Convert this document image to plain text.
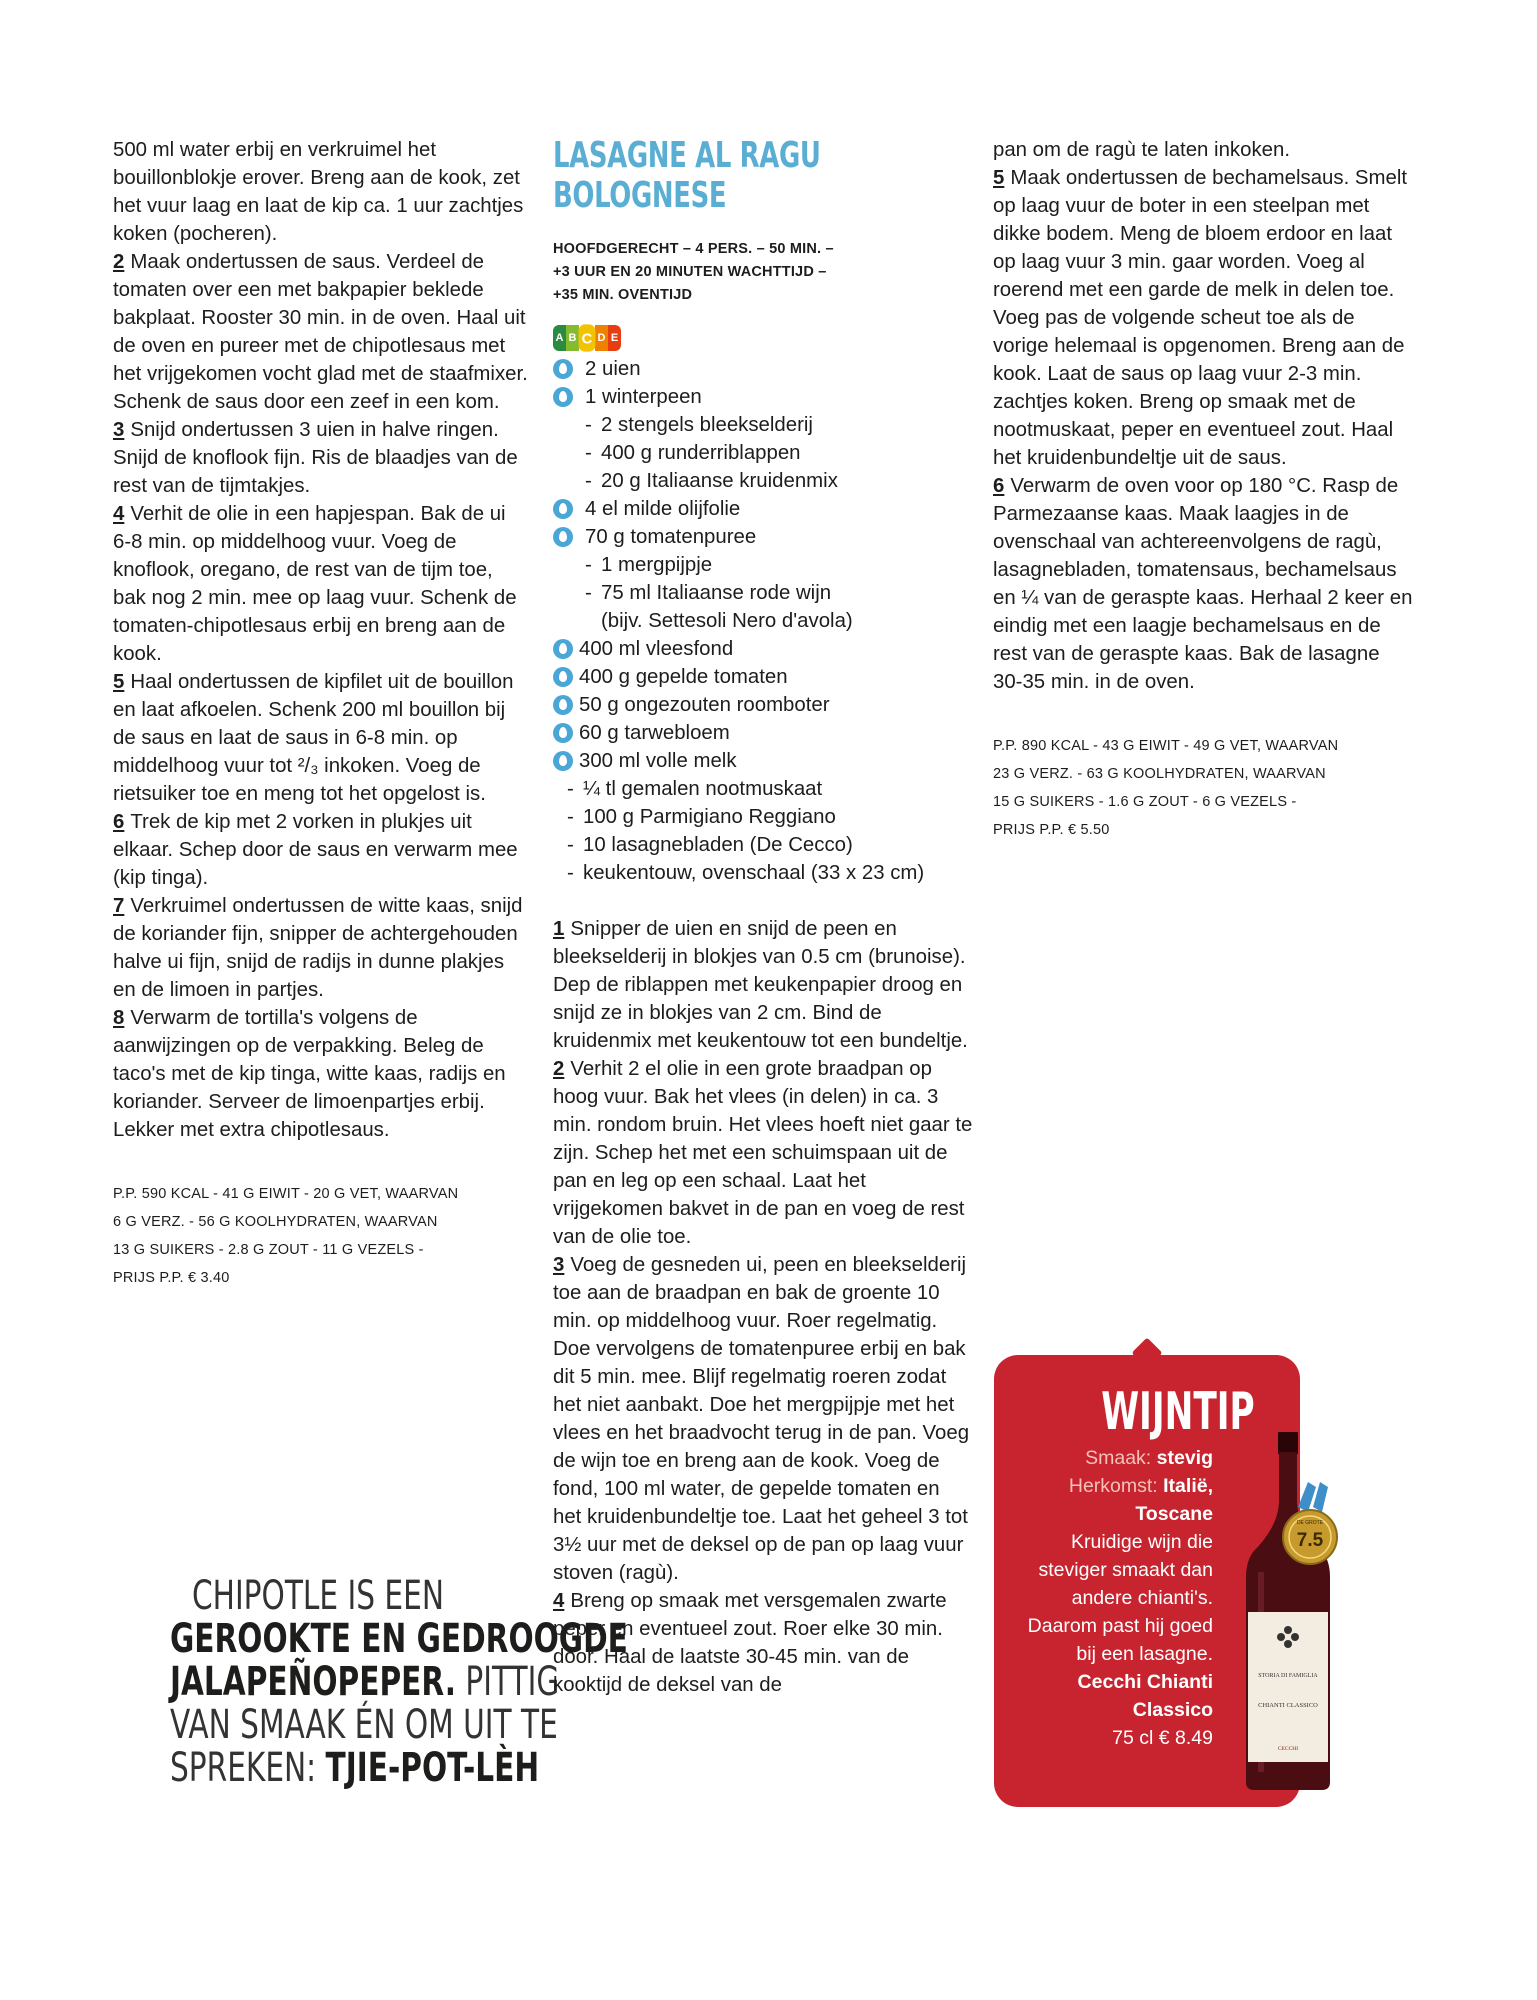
500 ml water erbij en verkruimel het bouillonblokje erover. Breng aan de kook, zet het vuur laag en laat de kip ca. 1 uur zachtjes koken (pocheren).

2 Maak ondertussen de saus. Verdeel de tomaten over een met bakpapier beklede bakplaat. Rooster 30 min. in de oven. Haal uit de oven en pureer met de chipotlesaus met het vrijgekomen vocht glad met de staafmixer. Schenk de saus door een zeef in een kom.

3 Snijd ondertussen 3 uien in halve ringen. Snijd de knoflook fijn. Ris de blaadjes van de rest van de tijmtakjes.

4 Verhit de olie in een hapjespan. Bak de ui 6-8 min. op middelhoog vuur. Voeg de knoflook, oregano, de rest van de tijm toe, bak nog 2 min. mee op laag vuur. Schenk de tomaten-chipotlesaus erbij en breng aan de kook.

5 Haal ondertussen de kipfilet uit de bouillon en laat afkoelen. Schenk 200 ml bouillon bij de saus en laat de saus in 6-8 min. op middelhoog vuur tot ²/₃ inkoken. Voeg de rietsuiker toe en meng tot het opgelost is.

6 Trek de kip met 2 vorken in plukjes uit elkaar. Schep door de saus en verwarm mee (kip tinga).

7 Verkruimel ondertussen de witte kaas, snijd de koriander fijn, snipper de achtergehouden halve ui fijn, snijd de radijs in dunne plakjes en de limoen in partjes.

8 Verwarm de tortilla's volgens de aanwijzingen op de verpakking. Beleg de taco's met de kip tinga, witte kaas, radijs en koriander. Serveer de limoenpartjes erbij. Lekker met extra chipotlesaus.

P.P. 590 KCAL - 41 G EIWIT - 20 G VET, WAARVAN
6 G VERZ. - 56 G KOOLHYDRATEN, WAARVAN
13 G SUIKERS - 2.8 G ZOUT - 11 G VEZELS -
PRIJS P.P. € 3.40
CHIPOTLE IS EEN
GEROOKTE EN GEDROOGDE
JALAPEÑOPEPER. PITTIG
VAN SMAAK ÉN OM UIT TE
SPREKEN: TJIE-POT-LÈH
LASAGNE AL RAGU
BOLOGNESE
HOOFDGERECHT – 4 PERS. – 50 MIN. –
+3 UUR EN 20 MINUTEN WACHTTIJD –
+35 MIN. OVENTIJD
A B C D E
2 uien
1 winterpeen
- 2 stengels bleekselderij
- 400 g runderriblappen
- 20 g Italiaanse kruidenmix
4 el milde olijfolie
70 g tomatenpuree
- 1 mergpijpje
- 75 ml Italiaanse rode wijn
(bijv. Settesoli Nero d'avola)
400 ml vleesfond
400 g gepelde tomaten
50 g ongezouten roomboter
60 g tarwebloem
300 ml volle melk
- ¼ tl gemalen nootmuskaat
- 100 g Parmigiano Reggiano
- 10 lasagnebladen (De Cecco)
- keukentouw, ovenschaal (33 x 23 cm)

1 Snipper de uien en snijd de peen en bleekselderij in blokjes van 0.5 cm (brunoise). Dep de riblappen met keukenpapier droog en snijd ze in blokjes van 2 cm. Bind de kruidenmix met keukentouw tot een bundeltje.

2 Verhit 2 el olie in een grote braadpan op hoog vuur. Bak het vlees (in delen) in ca. 3 min. rondom bruin. Het vlees hoeft niet gaar te zijn. Schep het met een schuimspaan uit de pan en leg op een schaal. Laat het vrijgekomen bakvet in de pan en voeg de rest van de olie toe.

3 Voeg de gesneden ui, peen en bleekselderij toe aan de braadpan en bak de groente 10 min. op middelhoog vuur. Roer regelmatig. Doe vervolgens de tomatenpuree erbij en bak dit 5 min. mee. Blijf regelmatig roeren zodat het niet aanbakt. Doe het mergpijpje met het vlees en het braadvocht terug in de pan. Voeg de wijn toe en breng aan de kook. Voeg de fond, 100 ml water, de gepelde tomaten en het kruidenbundeltje toe. Laat het geheel 3 tot 3½ uur met de deksel op de pan op laag vuur stoven (ragù).

4 Breng op smaak met versgemalen zwarte peper en eventueel zout. Roer elke 30 min. door. Haal de laatste 30-45 min. van de kooktijd de deksel van de

pan om de ragù te laten inkoken.

5 Maak ondertussen de bechamelsaus. Smelt op laag vuur de boter in een steelpan met dikke bodem. Meng de bloem erdoor en laat op laag vuur 3 min. gaar worden. Voeg al roerend met een garde de melk in delen toe. Voeg pas de volgende scheut toe als de vorige helemaal is opgenomen. Breng aan de kook. Laat de saus op laag vuur 2-3 min. zachtjes koken. Breng op smaak met de nootmuskaat, peper en eventueel zout. Haal het kruidenbundeltje uit de saus.

6 Verwarm de oven voor op 180 °C. Rasp de Parmezaanse kaas. Maak laagjes in de ovenschaal van achtereenvolgens de ragù, lasagnebladen, tomatensaus, bechamelsaus en ¼ van de geraspte kaas. Herhaal 2 keer en eindig met een laagje bechamelsaus en de rest van de geraspte kaas. Bak de lasagne 30-35 min. in de oven.

P.P. 890 KCAL - 43 G EIWIT - 49 G VET, WAARVAN
23 G VERZ. - 63 G KOOLHYDRATEN, WAARVAN
15 G SUIKERS - 1.6 G ZOUT - 6 G VEZELS -
PRIJS P.P. € 5.50
WIJNTIP
Smaak: stevig
Herkomst: Italië, Toscane
Kruidige wijn die steviger smaakt dan andere chianti's. Daarom past hij goed bij een lasagne.
Cecchi Chianti Classico
75 cl € 8.49
STORIA DI FAMIGLIA
CHIANTI CLASSICO
CECCHI
DE GROTE
7.5
